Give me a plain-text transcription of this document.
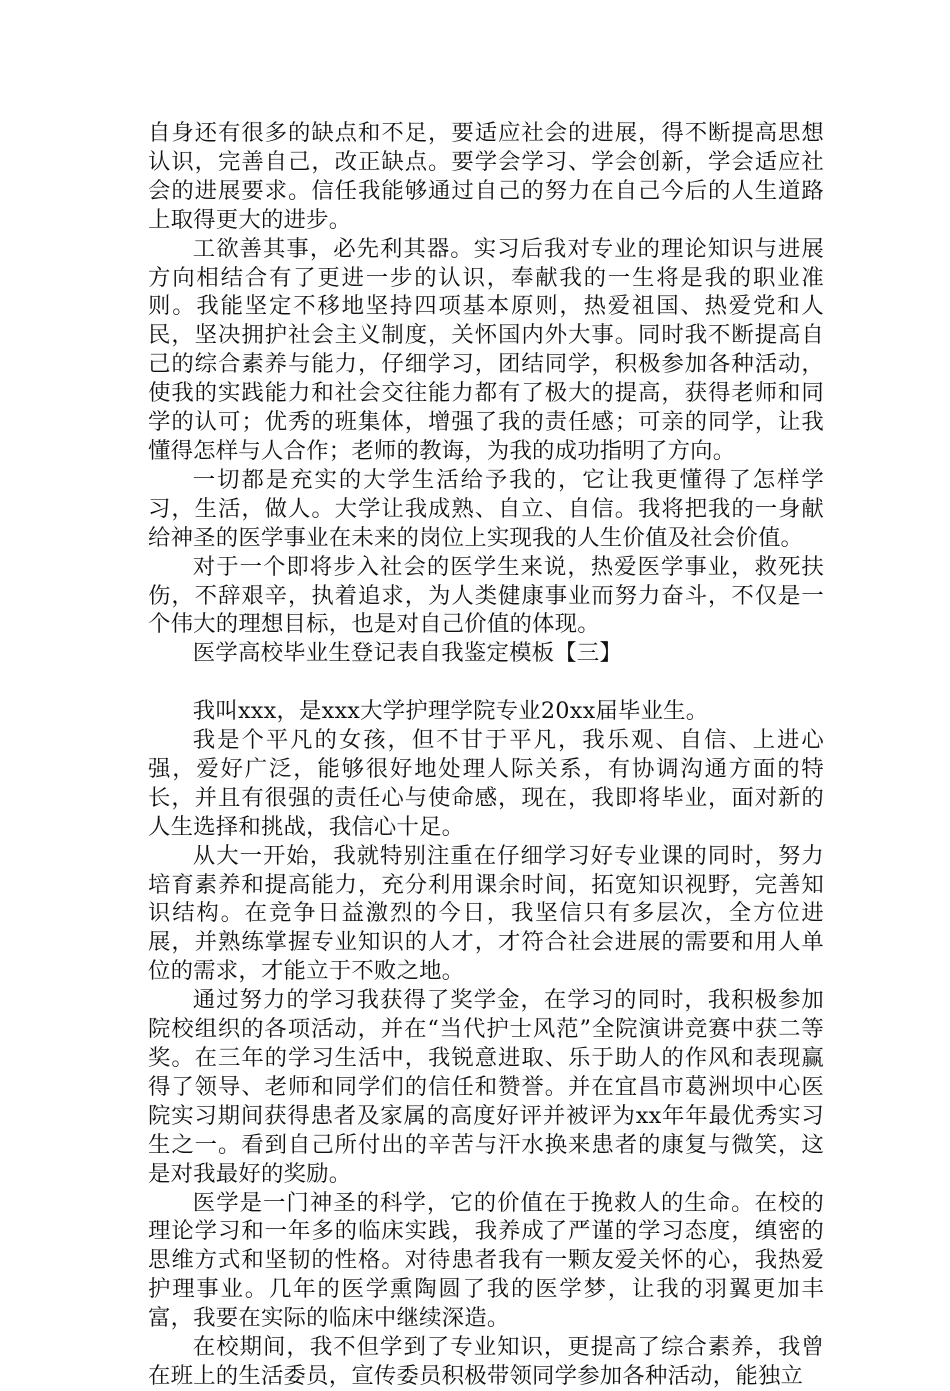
自身还有很多的缺点和不足，要适应社会的进展，得不断提高思想认识，完善自己，改正缺点。要学会学习、学会创新，学会适应社会的进展要求。信任我能够通过自己的努力在自己今后的人生道路上取得更大的进步。

工欲善其事，必先利其器。实习后我对专业的理论知识与进展方向相结合有了更进一步的认识，奉献我的一生将是我的职业准则。我能坚定不移地坚持四项基本原则，热爱祖国、热爱党和人民，坚决拥护社会主义制度，关怀国内外大事。同时我不断提高自己的综合素养与能力，仔细学习，团结同学，积极参加各种活动，使我的实践能力和社会交往能力都有了极大的提高，获得老师和同学的认可；优秀的班集体，增强了我的责任感；可亲的同学，让我懂得怎样与人合作；老师的教诲，为我的成功指明了方向。

一切都是充实的大学生活给予我的，它让我更懂得了怎样学习，生活，做人。大学让我成熟、自立、自信。我将把我的一身献给神圣的医学事业在未来的岗位上实现我的人生价值及社会价值。

对于一个即将步入社会的医学生来说，热爱医学事业，救死扶伤，不辞艰辛，执着追求，为人类健康事业而努力奋斗，不仅是一个伟大的理想目标，也是对自己价值的体现。

医学高校毕业生登记表自我鉴定模板【三】

我叫xxx，是xxx大学护理学院专业20xx届毕业生。

我是个平凡的女孩，但不甘于平凡，我乐观、自信、上进心强，爱好广泛，能够很好地处理人际关系，有协调沟通方面的特长，并且有很强的责任心与使命感，现在，我即将毕业，面对新的人生选择和挑战，我信心十足。

从大一开始，我就特别注重在仔细学习好专业课的同时，努力培育素养和提高能力，充分利用课余时间，拓宽知识视野，完善知识结构。在竞争日益激烈的今日，我坚信只有多层次，全方位进展，并熟练掌握专业知识的人才，才符合社会进展的需要和用人单位的需求，才能立于不败之地。

通过努力的学习我获得了奖学金，在学习的同时，我积极参加院校组织的各项活动，并在“当代护士风范”全院演讲竞赛中获二等奖。在三年的学习生活中，我锐意进取、乐于助人的作风和表现赢得了领导、老师和同学们的信任和赞誉。并在宜昌市葛洲坝中心医院实习期间获得患者及家属的高度好评并被评为xx年年最优秀实习生之一。看到自己所付出的辛苦与汗水换来患者的康复与微笑，这是对我最好的奖励。

医学是一门神圣的科学，它的价值在于挽救人的生命。在校的理论学习和一年多的临床实践，我养成了严谨的学习态度，缜密的思维方式和坚韧的性格。对待患者我有一颗友爱关怀的心，我热爱护理事业。几年的医学熏陶圆了我的医学梦，让我的羽翼更加丰富，我要在实际的临床中继续深造。

在校期间，我不但学到了专业知识，更提高了综合素养，我曾在班上的生活委员，宣传委员积极带领同学参加各种活动，能独立
